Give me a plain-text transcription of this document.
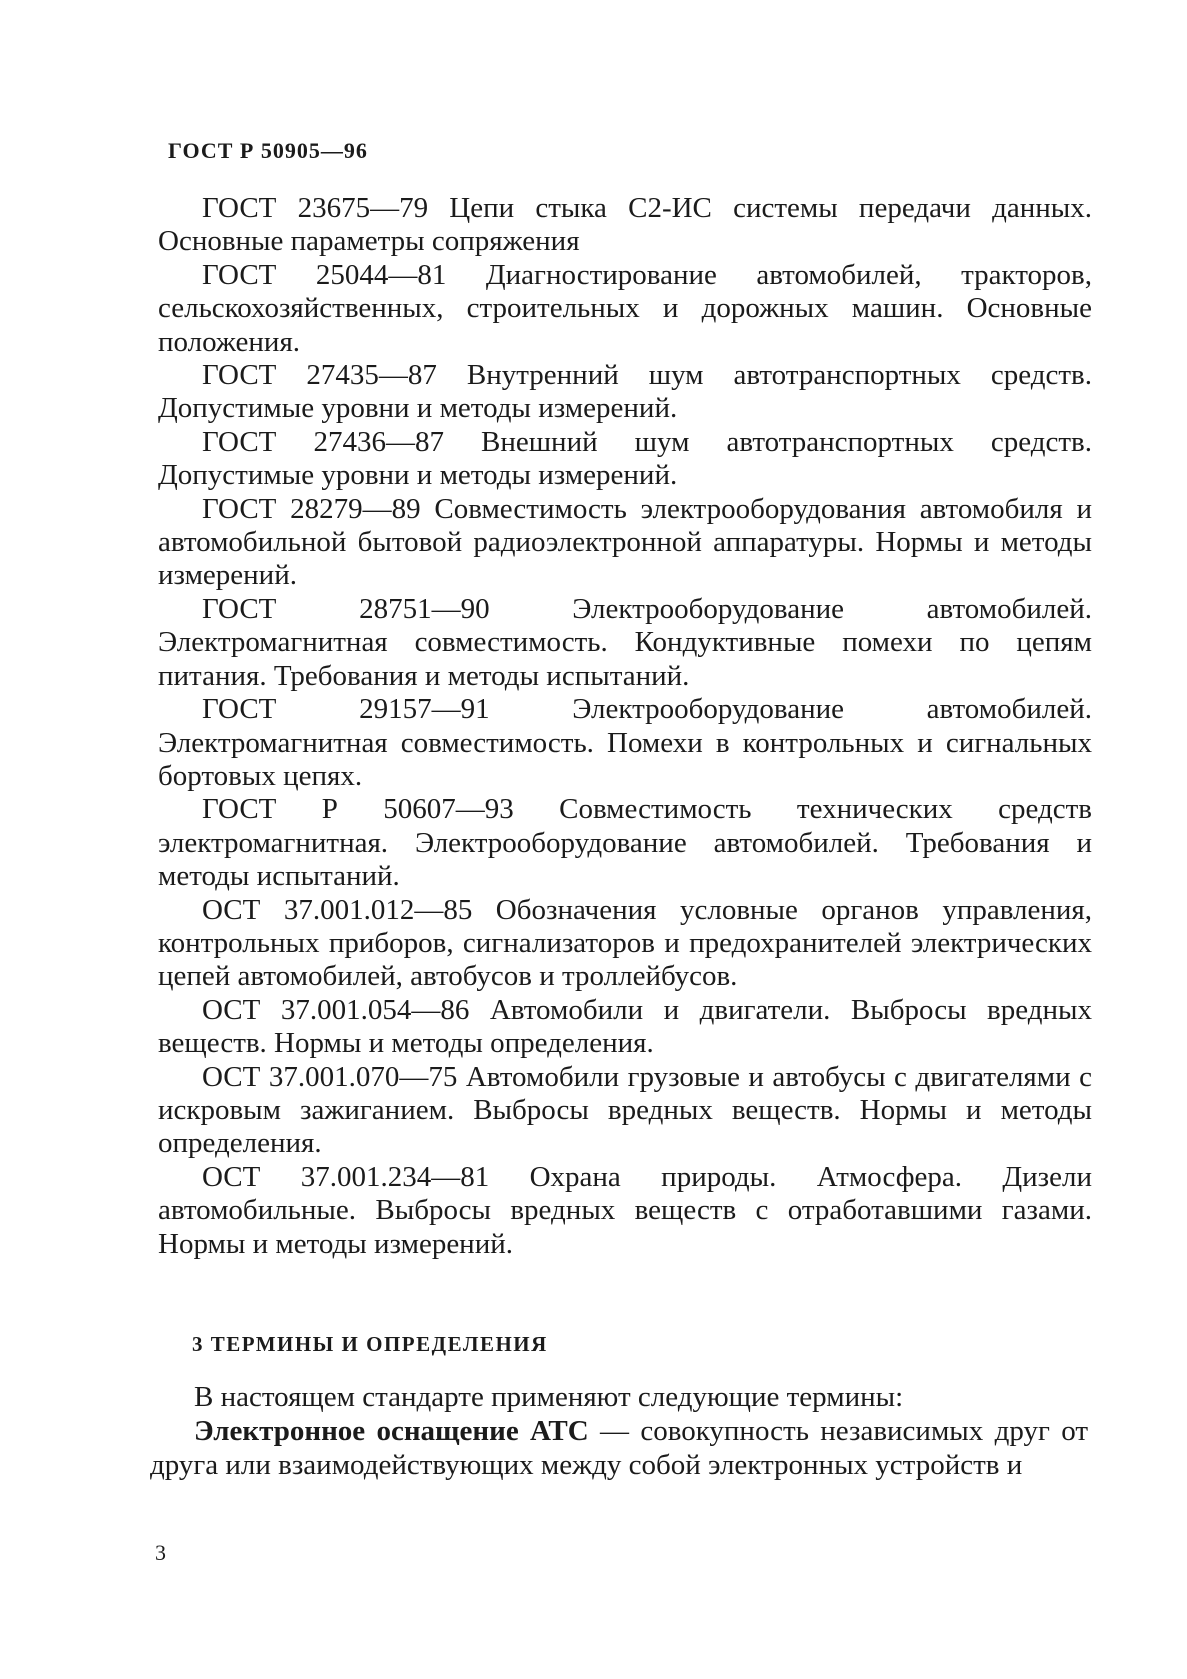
ГОСТ Р 50905—96

ГОСТ 23675—79 Цепи стыка С2-ИС системы передачи данных. Основные параметры сопряжения

ГОСТ 25044—81 Диагностирование автомобилей, тракторов, сельскохозяйственных, строительных и дорожных машин. Основные положения.

ГОСТ 27435—87 Внутренний шум автотранспортных средств. Допустимые уровни и методы измерений.

ГОСТ 27436—87 Внешний шум автотранспортных средств. Допустимые уровни и методы измерений.

ГОСТ 28279—89 Совместимость электрооборудования автомобиля и автомобильной бытовой радиоэлектронной аппаратуры. Нормы и методы измерений.

ГОСТ 28751—90 Электрооборудование автомобилей. Электромагнитная совместимость. Кондуктивные помехи по цепям питания. Требования и методы испытаний.

ГОСТ 29157—91 Электрооборудование автомобилей. Электромагнитная совместимость. Помехи в контрольных и сигнальных бортовых цепях.

ГОСТ Р 50607—93 Совместимость технических средств электромагнитная. Электрооборудование автомобилей. Требования и методы испытаний.

ОСТ 37.001.012—85 Обозначения условные органов управления, контрольных приборов, сигнализаторов и предохранителей электрических цепей автомобилей, автобусов и троллейбусов.

ОСТ 37.001.054—86 Автомобили и двигатели. Выбросы вредных веществ. Нормы и методы определения.

ОСТ 37.001.070—75 Автомобили грузовые и автобусы с двигателями с искровым зажиганием. Выбросы вредных веществ. Нормы и методы определения.

ОСТ 37.001.234—81 Охрана природы. Атмосфера. Дизели автомобильные. Выбросы вредных веществ с отработавшими газами. Нормы и методы измерений.

3 ТЕРМИНЫ И ОПРЕДЕЛЕНИЯ

В настоящем стандарте применяют следующие термины:

Электронное оснащение АТС — совокупность независимых друг от друга или взаимодействующих между собой электронных устройств и

3
